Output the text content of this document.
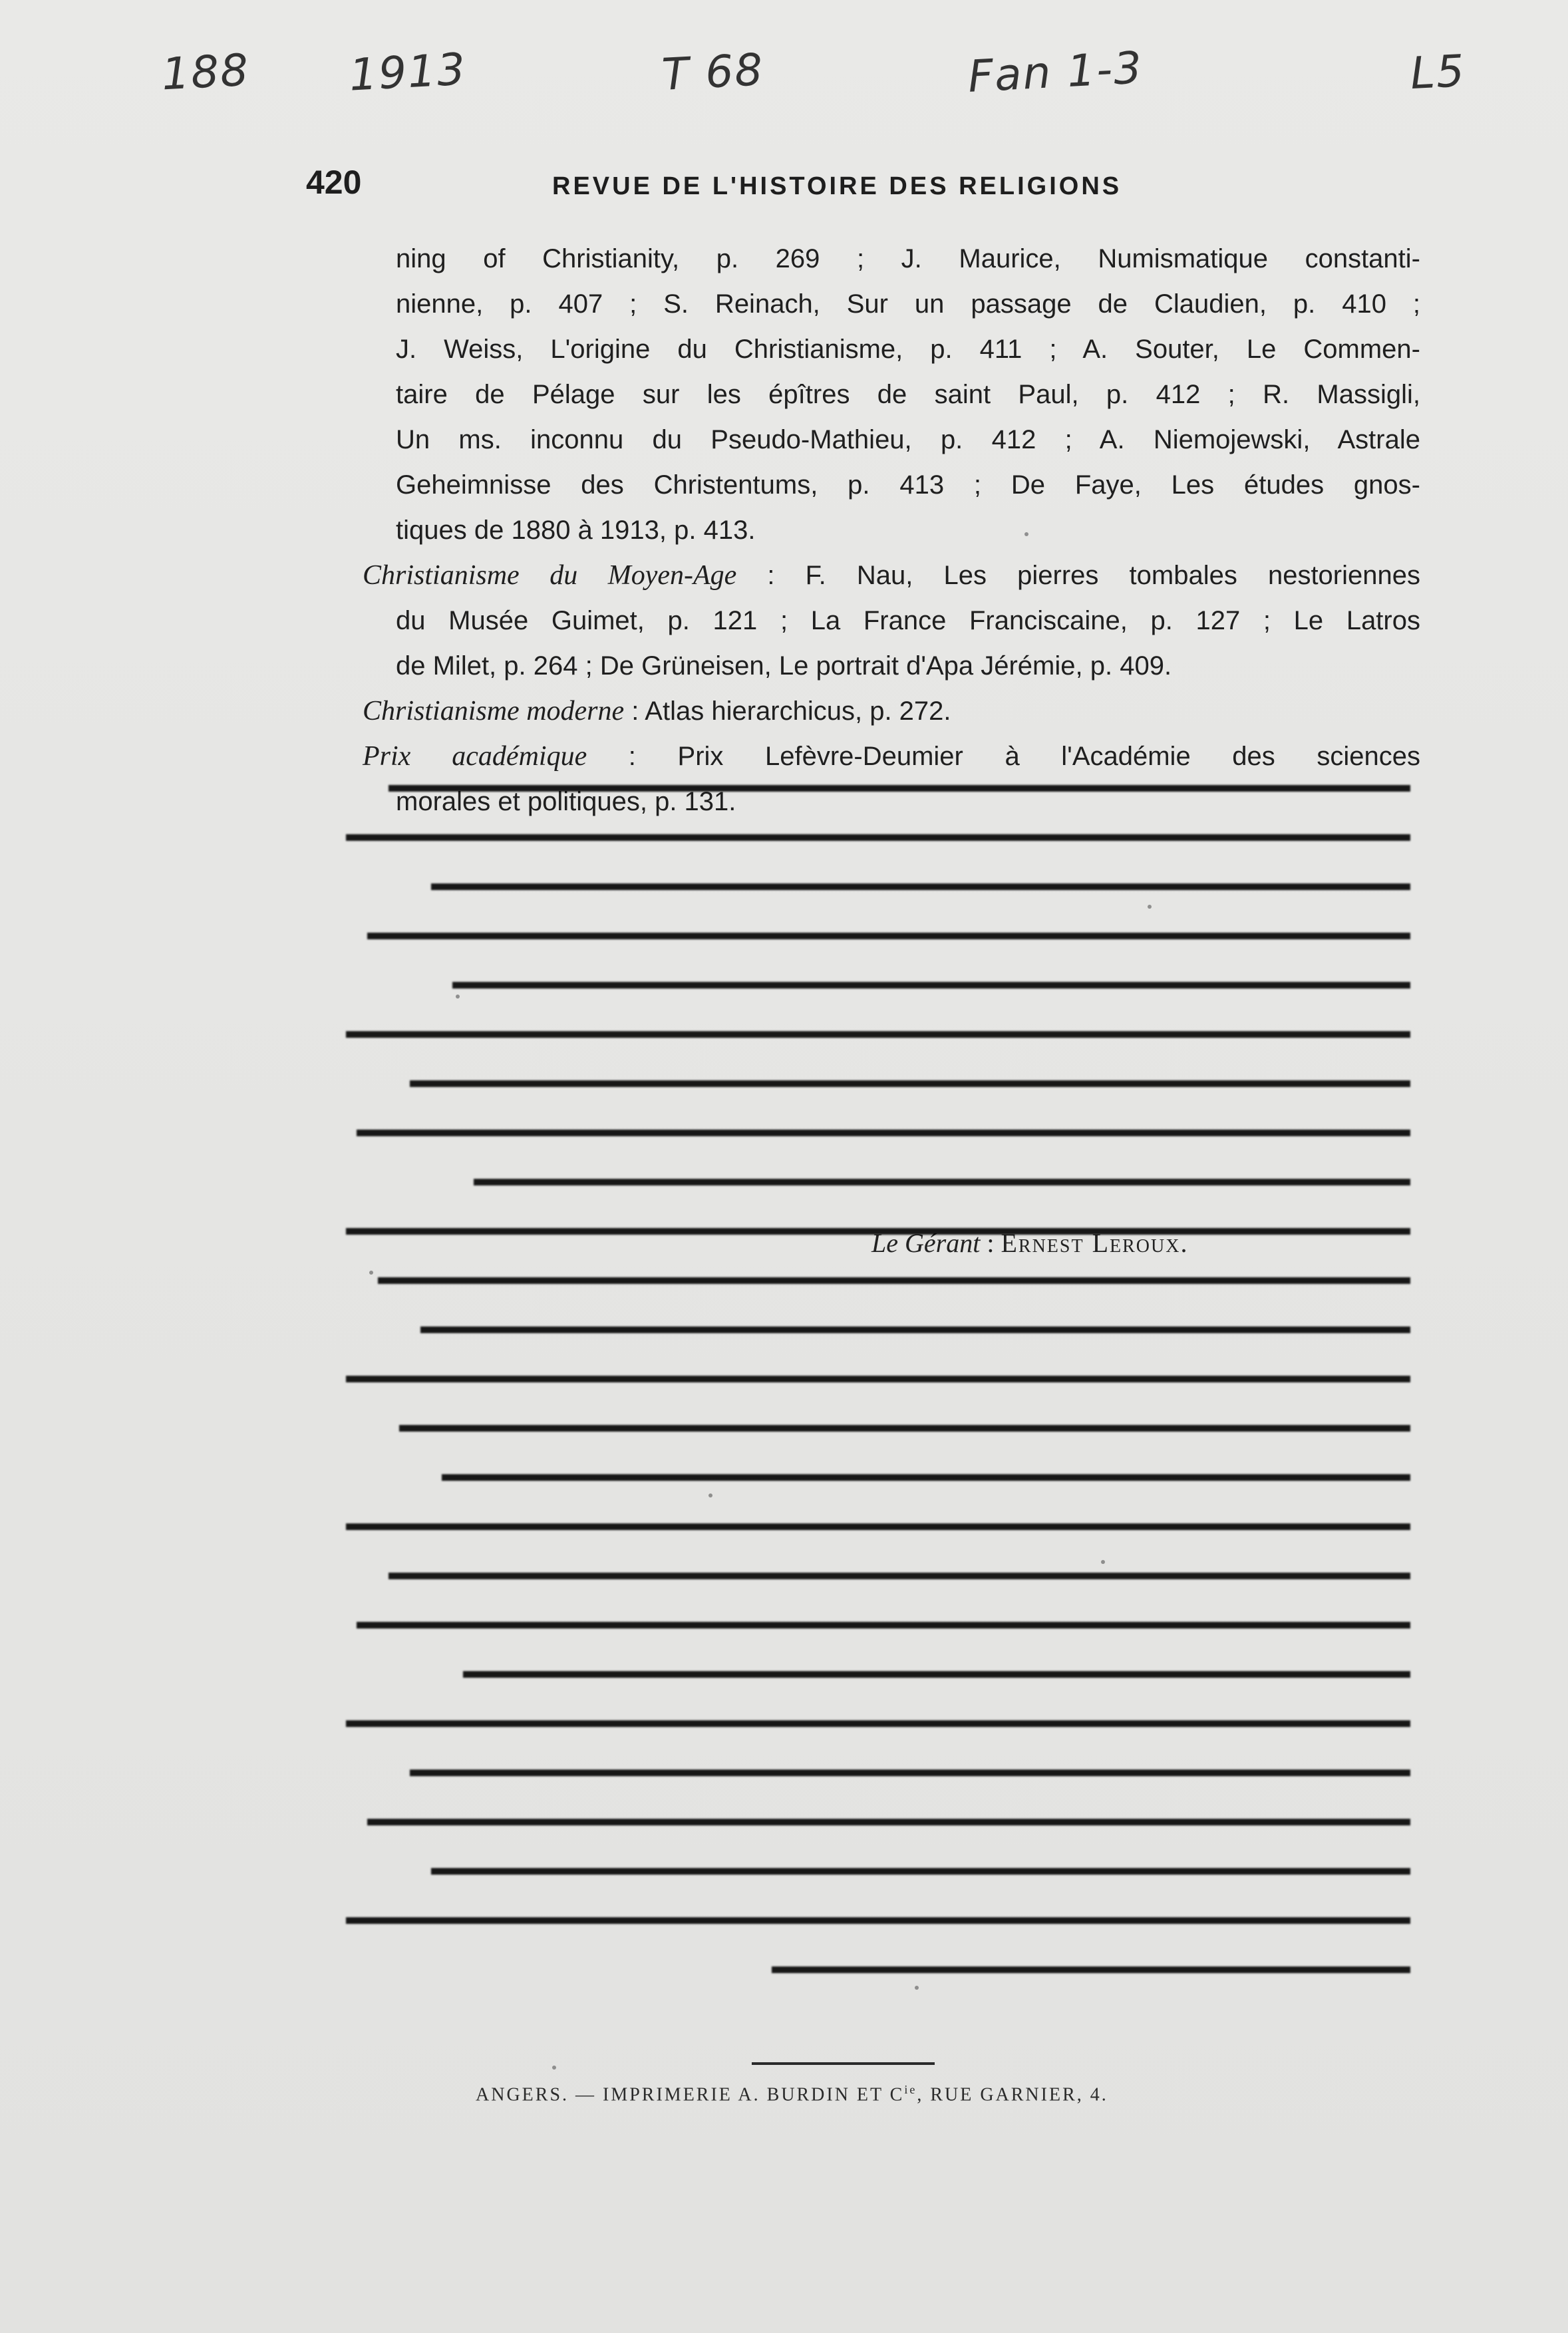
188 1913	T 68	Fan 1-3	L5
420	REVUE DE L'HISTOIRE DES RELIGIONS
ning of Christianity, p. 269 ; J. Maurice, Numismatique constanti-
nienne, p. 407 ; S. Reinach, Sur un passage de Claudien, p. 410 ;
J. Weiss, L'origine du Christianisme, p. 411 ; A. Souter, Le Commen-
taire de Pélage sur les épîtres de saint Paul, p. 412 ; R. Massigli,
Un ms. inconnu du Pseudo-Mathieu, p. 412 ; A. Niemojewski, Astrale
Geheimnisse des Christentums, p. 413 ; De Faye, Les études gnos-
tiques de 1880 à 1913, p. 413.
Christianisme du Moyen-Age : F. Nau, Les pierres tombales nestoriennes
du Musée Guimet, p. 121 ; La France Franciscaine, p. 127 ; Le Latros
de Milet, p. 264 ; De Grüneisen, Le portrait d'Apa Jérémie, p. 409.
Christianisme moderne : Atlas hierarchicus, p. 272.
Prix académique : Prix Lefèvre-Deumier à l'Académie des sciences
morales et politiques, p. 131.
Le Gérant : Ernest Leroux.
ANGERS. — IMPRIMERIE A. BURDIN ET $C^{ie}$, RUE GARNIER, 4.
